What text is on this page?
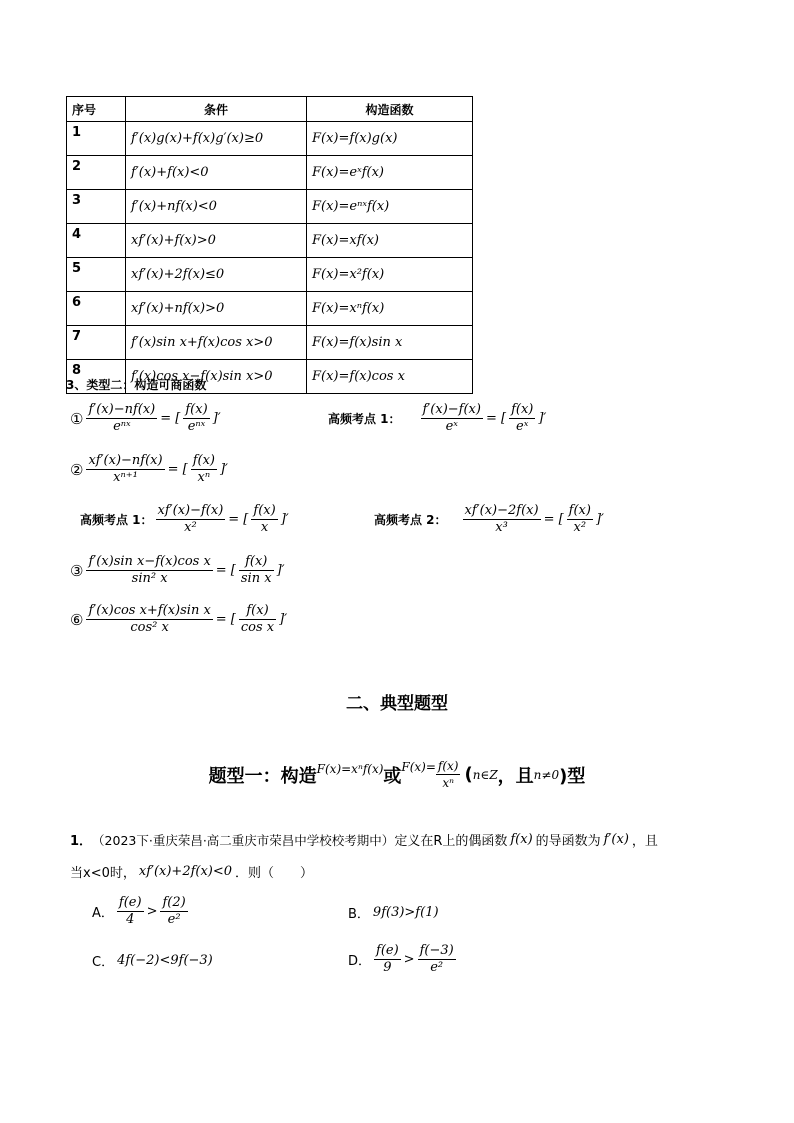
序号	条件	构造函数
1	f′(x)g(x)+f(x)g′(x)≥0	F(x)=f(x)g(x)
2	f′(x)+f(x)<0	F(x)=eˣf(x)
3	f′(x)+nf(x)<0	F(x)=eⁿˣf(x)
4	xf′(x)+f(x)>0	F(x)=xf(x)
5	xf′(x)+2f(x)≤0	F(x)=x²f(x)
6	xf′(x)+nf(x)>0	F(x)=xⁿf(x)
7	f′(x)sin x+f(x)cos x>0	F(x)=f(x)sin x
8	f′(x)cos x−f(x)sin x>0	F(x)=f(x)cos x
3、类型二：构造可商函数
① $\frac{f'(x)-nf(x)}{\text{eⁿˣ}}$ = [ $\frac{f(x)}{\text{eⁿˣ}}$ ]′	高频考点 1： $\frac{f'(x)-f(x)}{\text{eˣ}}$ = [ $\frac{f(x)}{\text{eˣ}}$ ]′
② $\frac{xf'(x)-nf(x)}{\text{xⁿ⁺¹}}$ = [ $\frac{f(x)}{\text{xⁿ}}$ ]′
高频考点 1： $\frac{xf'(x)-f(x)}{\text{x²}}$ = [ $\frac{f(x)}{x}$ ]′	高频考点 2： $\frac{xf'(x)-2f(x)}{\text{x³}}$ = [ $\frac{f(x)}{\text{x²}}$ ]′
③ $\frac{\text{f′(x)sin x−f(x)cos x}}{\text{sin² x}}$ = [ $\frac{f(x)}{\text{sin x}}$ ]′
⑥ $\frac{\text{f′(x)cos x+f(x)sin x}}{\text{cos² x}}$ = [ $\frac{f(x)}{\text{cos x}}$ ]′
二、典型题型
题型一：构造 F(x)=xⁿf(x) 或 $F(x)= \frac{f(x)}{\text{xⁿ}}$ ( n∈Z ，且 n≠0 )型
1． （2023下·重庆荣昌·高二重庆市荣昌中学校校考期中） 定义在R上的偶函数 f(x) 的导函数为 f′(x) ，且
当x<0时， xf′(x)+2f(x)<0 ．则（　　）
A． $\frac{f(e)}{4} > \frac{f(2)}{\text{e²}}$	B． 9f(3)>f(1)
C． 4f(−2)<9f(−3)	D． $\frac{f(e)}{9} > \frac{f(-3)}{\text{e²}}$
